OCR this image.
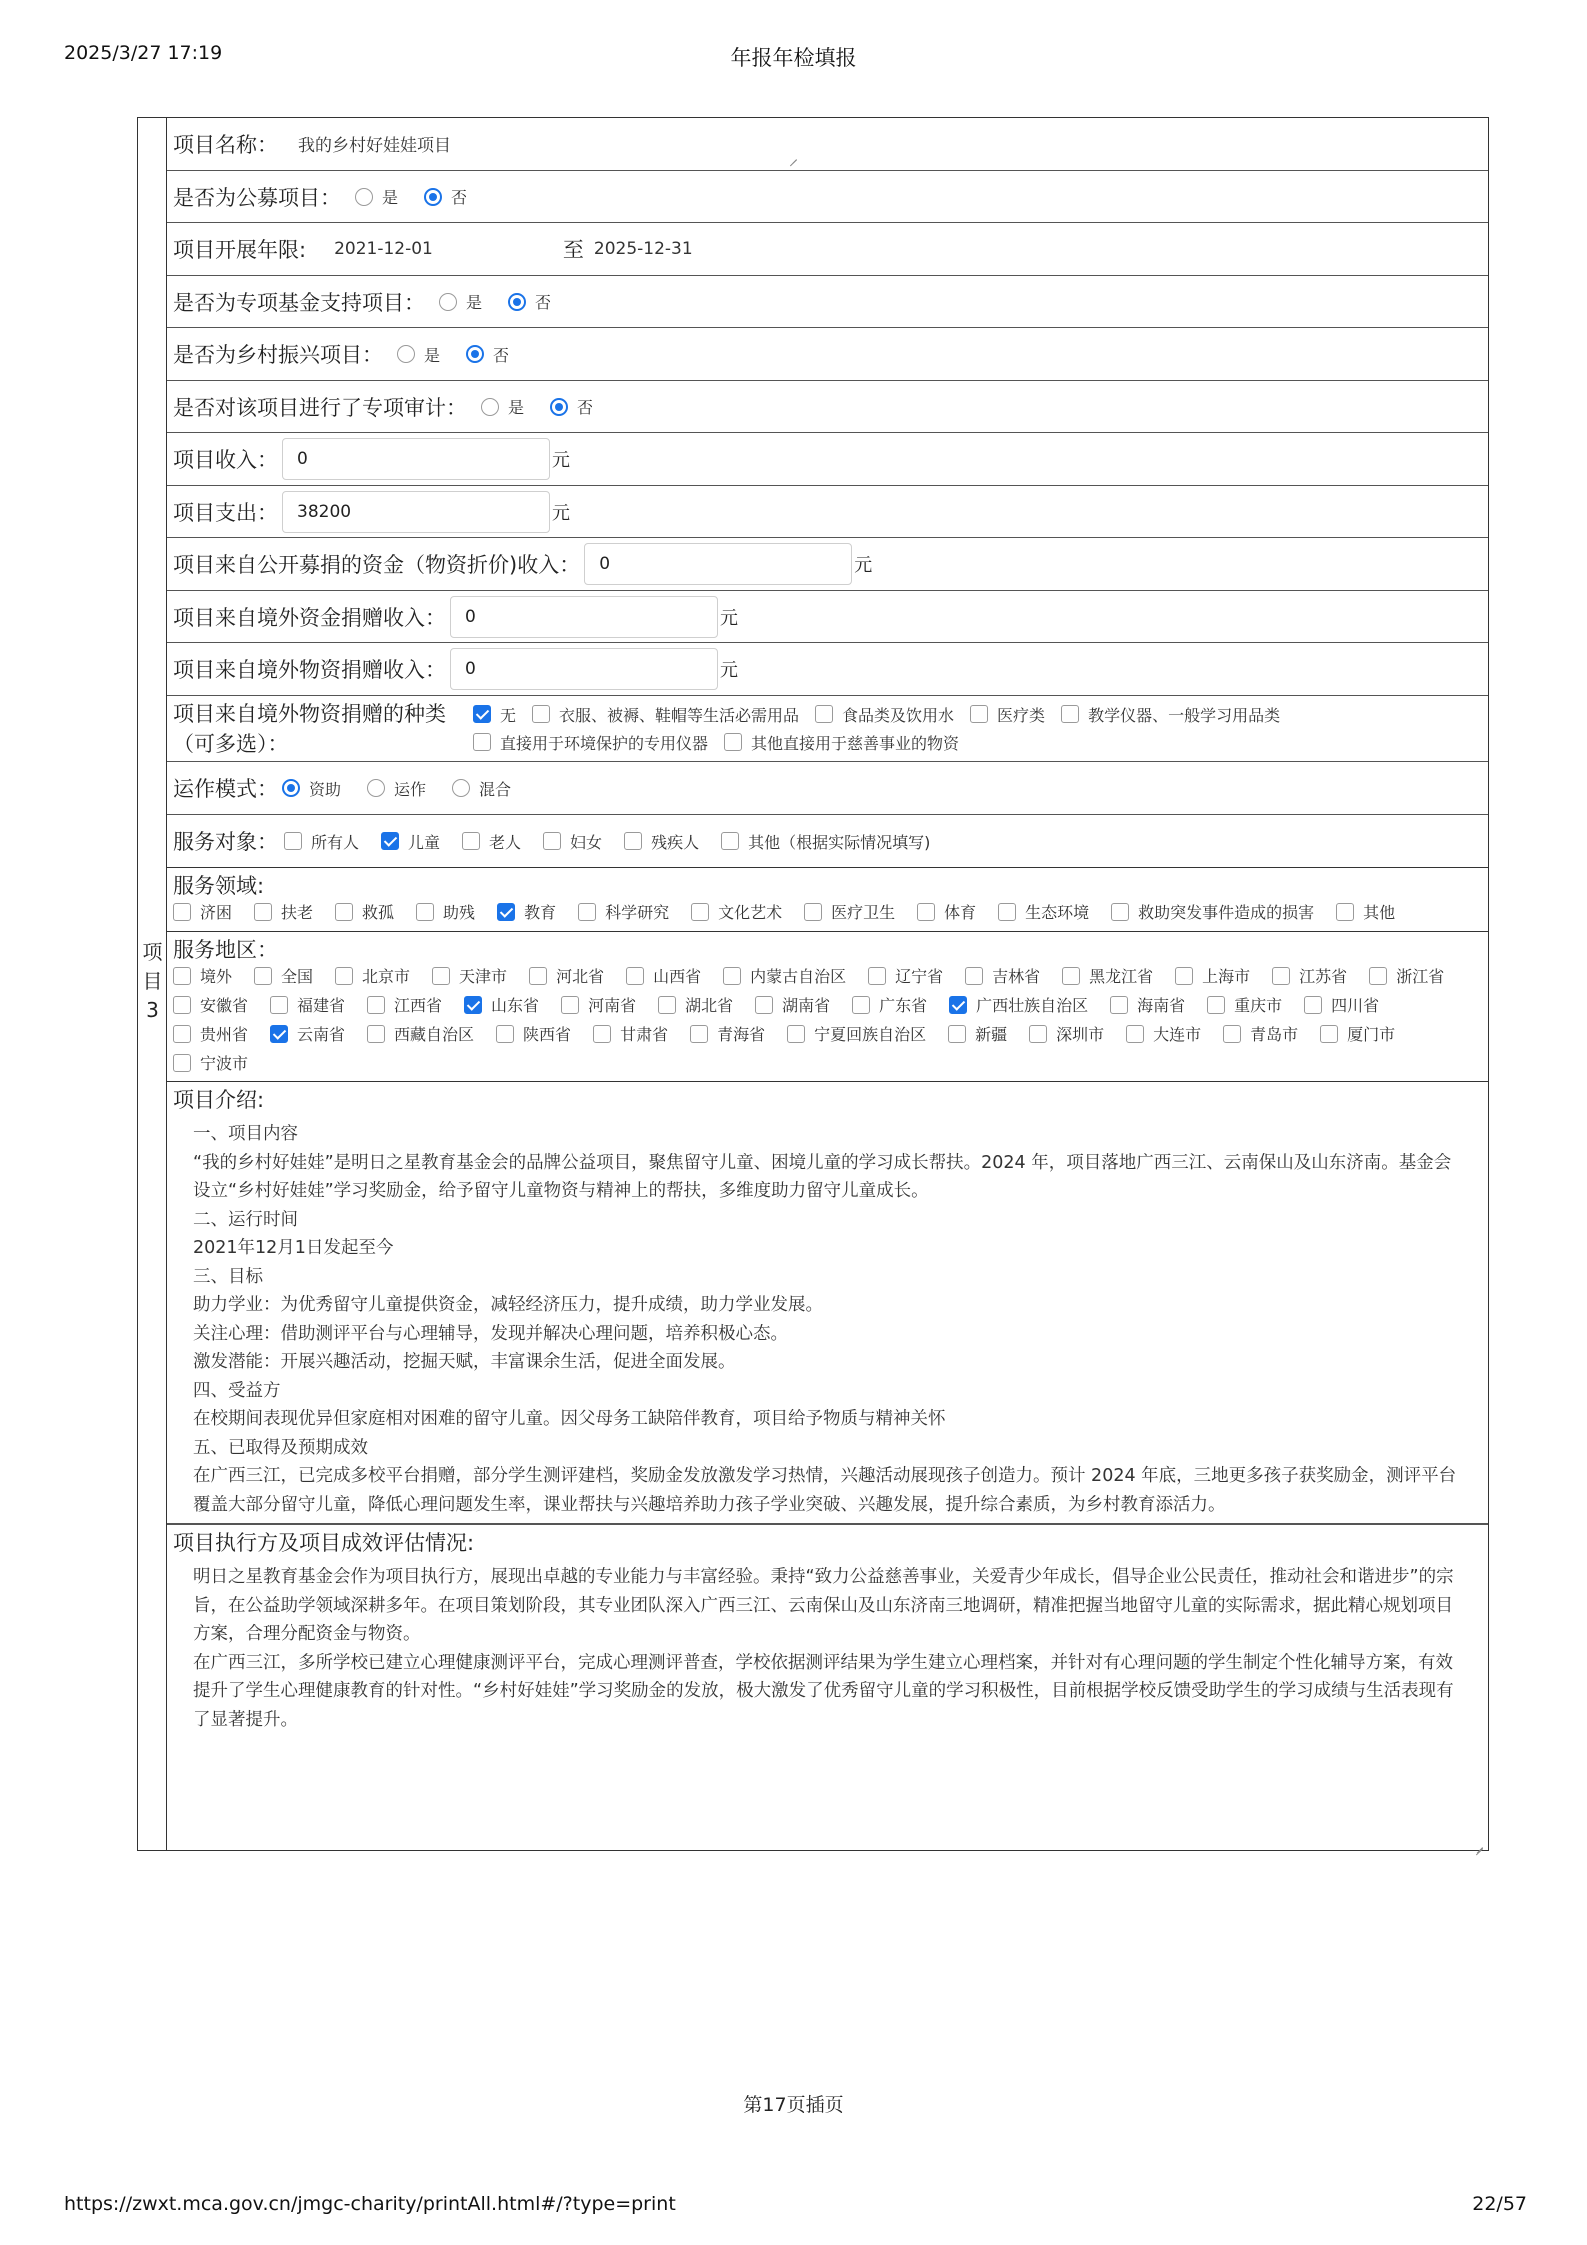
2025/3/27 17:19	年报年检填报
项
目
3
项目名称： 我的乡村好娃娃项目
是否为公募项目：	是	否
项目开展年限: 2021-12-01	至 2025-12-31
是否为专项基金支持项目：	是	否
是否为乡村振兴项目：	是	否
是否对该项目进行了专项审计：	是	否
项目收入：	0	元
项目支出：	38200	元
项目来自公开募捐的资金（物资折价)收入：	0	元
项目来自境外资金捐赠收入：	0	元
项目来自境外物资捐赠收入：	0	元
项目来自境外物资捐赠的种类
（可多选）：
无	衣服、被褥、鞋帽等生活必需用品	食品类及饮用水	医疗类	教学仪器、一般学习用品类
直接用于环境保护的专用仪器	其他直接用于慈善事业的物资
运作模式： 资助	运作	混合
服务对象： 所有人	儿童	老人	妇女	残疾人	其他（根据实际情况填写)
服务领域:
济困	扶老	救孤	助残	教育	科学研究	文化艺术	医疗卫生	体育	生态环境	救助突发事件造成的损害	其他
服务地区：
境外	全国	北京市	天津市	河北省	山西省	内蒙古自治区	辽宁省	吉林省	黑龙江省	上海市	江苏省	浙江省
安徽省	福建省	江西省	山东省	河南省	湖北省	湖南省	广东省	广西壮族自治区	海南省	重庆市	四川省
贵州省	云南省	西藏自治区	陕西省	甘肃省	青海省	宁夏回族自治区	新疆	深圳市	大连市	青岛市	厦门市
宁波市
项目介绍:

一、项目内容

“我的乡村好娃娃”是明日之星教育基金会的品牌公益项目，聚焦留守儿童、困境儿童的学习成长帮扶。2024 年，项目落地广西三江、云南保山及山东济南。基金会设立“乡村好娃娃”学习奖励金，给予留守儿童物资与精神上的帮扶，多维度助力留守儿童成长。

二、运行时间

2021年12月1日发起至今

三、目标

助力学业：为优秀留守儿童提供资金，减轻经济压力，提升成绩，助力学业发展。

关注心理：借助测评平台与心理辅导，发现并解决心理问题，培养积极心态。

激发潜能：开展兴趣活动，挖掘天赋，丰富课余生活，促进全面发展。

四、受益方

在校期间表现优异但家庭相对困难的留守儿童。因父母务工缺陪伴教育，项目给予物质与精神关怀

五、已取得及预期成效

在广西三江，已完成多校平台捐赠，部分学生测评建档，奖励金发放激发学习热情，兴趣活动展现孩子创造力。预计 2024 年底，三地更多孩子获奖励金，测评平台覆盖大部分留守儿童，降低心理问题发生率，课业帮扶与兴趣培养助力孩子学业突破、兴趣发展，提升综合素质，为乡村教育添活力。

项目执行方及项目成效评估情况:

明日之星教育基金会作为项目执行方，展现出卓越的专业能力与丰富经验。秉持“致力公益慈善事业，关爱青少年成长，倡导企业公民责任，推动社会和谐进步”的宗旨，在公益助学领域深耕多年。在项目策划阶段，其专业团队深入广西三江、云南保山及山东济南三地调研，精准把握当地留守儿童的实际需求，据此精心规划项目方案，合理分配资金与物资。

在广西三江，多所学校已建立心理健康测评平台，完成心理测评普查，学校依据测评结果为学生建立心理档案，并针对有心理问题的学生制定个性化辅导方案，有效提升了学生心理健康教育的针对性。“乡村好娃娃”学习奖励金的发放，极大激发了优秀留守儿童的学习积极性，目前根据学校反馈受助学生的学习成绩与生活表现有了显著提升。

第17页插页
https://zwxt.mca.gov.cn/jmgc-charity/printAll.html#/?type=print	22/57
